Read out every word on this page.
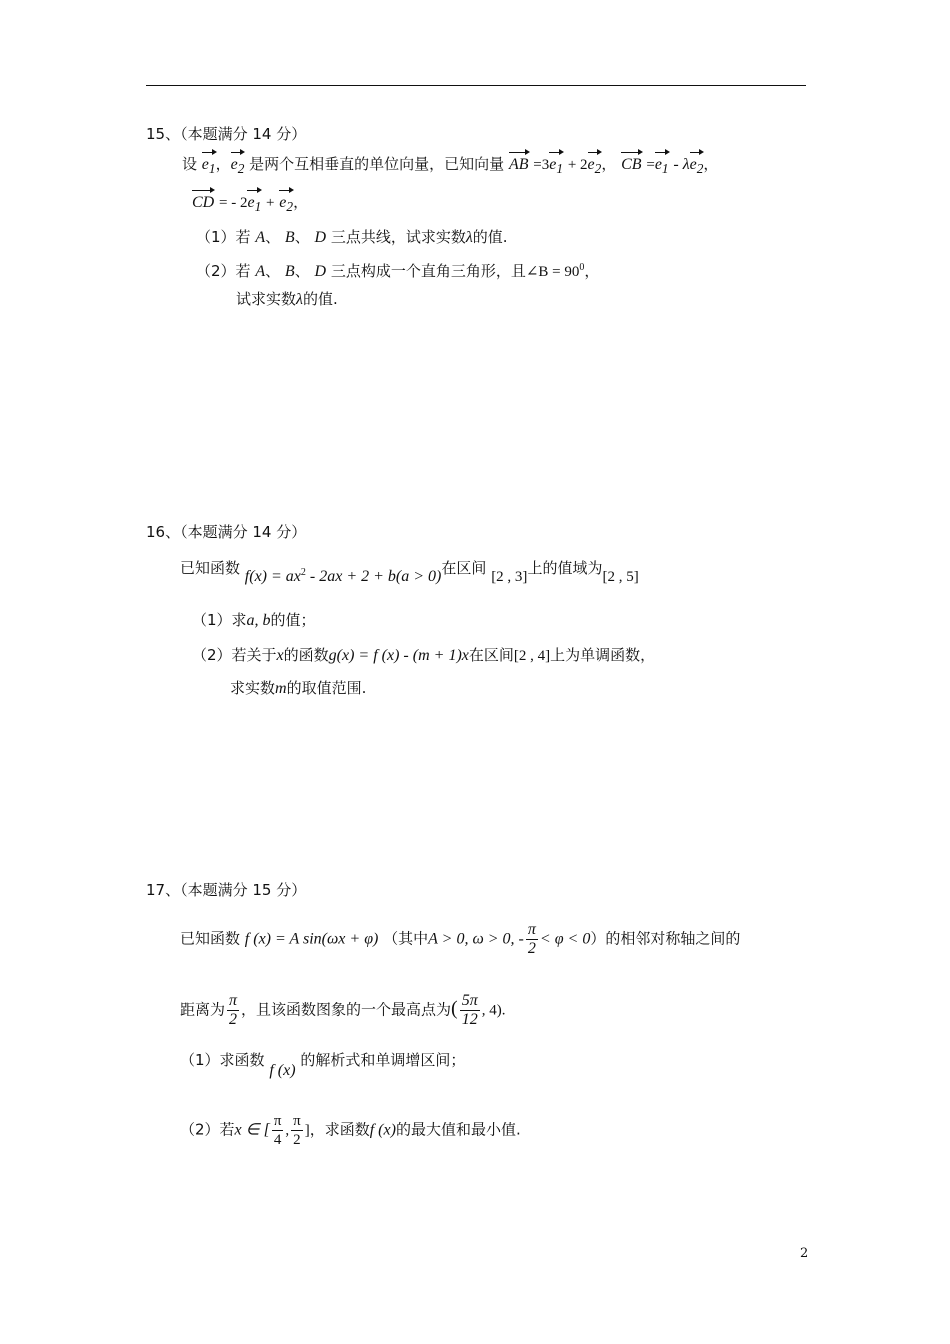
15、（本题满分 14 分）
设 $e_1$，$e_2$ 是两个互相垂直的单位向量，已知向量 AB $=3e_1 + 2e_2$， CB $=e_1 - \lambda e_2$，
CD = - $2e_1 + e_2$，
（1）若 A、 B、 D 三点共线，试求实数λ的值.
（2）若 A、 B、 D 三点构成一个直角三角形，且∠B = $90^0$，
试求实数λ的值.
16、（本题满分 14 分）
已知函数 $f(x) = ax^2 - 2ax + 2 + b(a > 0)$在区间 [2 , 3]上的值域为[2 , 5]
（1）求a, b的值；
（2）若关于x的函数g(x) = f (x) - (m + 1)x在区间[2 , 4]上为单调函数，
求实数m的取值范围.
17、（本题满分 15 分）
已知函数 f (x) = A sin(ωx + φ) （其中A > 0, ω > 0, - $\frac{\pi}{2} < \varphi < 0$）的相邻对称轴之间的
距离为 $\frac{\pi}{2}$ ，且该函数图象的一个最高点为( $\frac{5\pi}{12}$ , 4).
（1）求函数 f (x) 的解析式和单调增区间；
（2）若x ∈ [ $\frac{\pi}{4}$ , $\frac{\pi}{2}$ ]，求函数f (x)的最大值和最小值.
2
